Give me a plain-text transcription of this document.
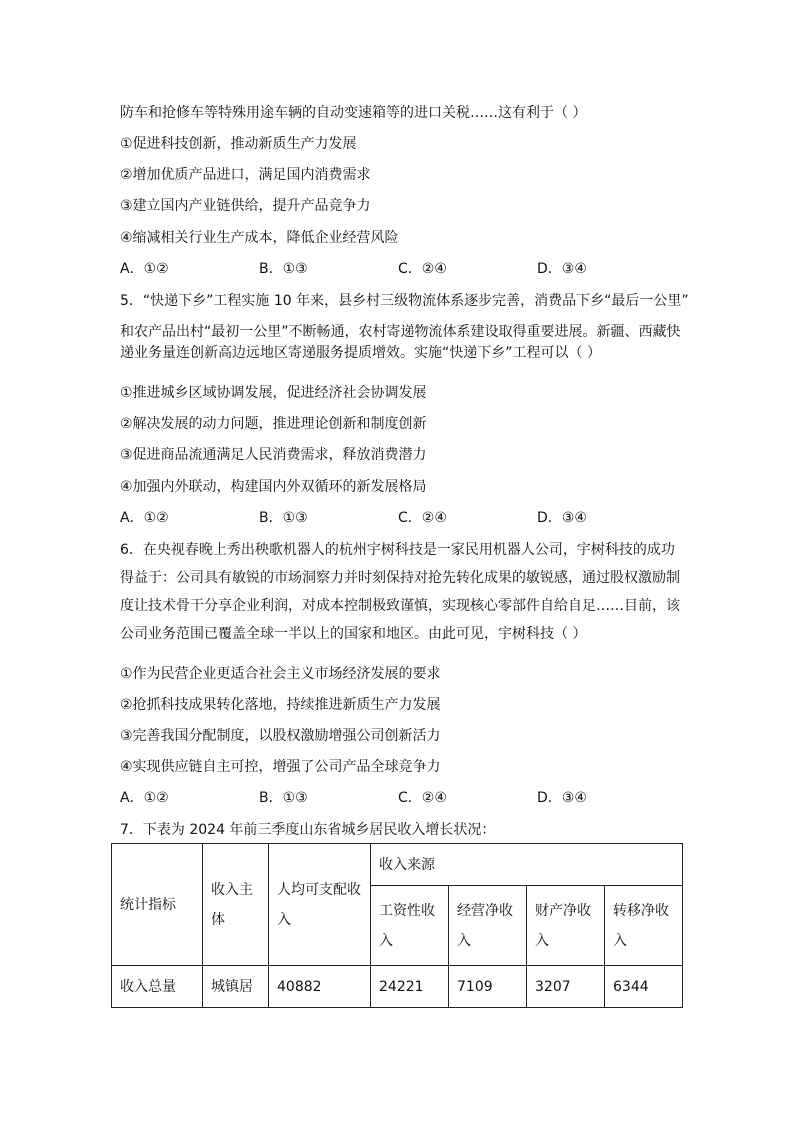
防车和抢修车等特殊用途车辆的自动变速箱等的进口关税……这有利于（ ）
①促进科技创新，推动新质生产力发展
②增加优质产品进口，满足国内消费需求
③建立国内产业链供给，提升产品竞争力
④缩减相关行业生产成本，降低企业经营风险
A．①②	B．①③	C．②④	D．③④
5．“快递下乡”工程实施 10 年来，县乡村三级物流体系逐步完善，消费品下乡“最后一公里”
和农产品出村“最初一公里”不断畅通，农村寄递物流体系建设取得重要进展。新疆、西藏快
递业务量连创新高边远地区寄递服务提质增效。实施“快递下乡”工程可以（ ）
①推进城乡区域协调发展，促进经济社会协调发展
②解决发展的动力问题，推进理论创新和制度创新
③促进商品流通满足人民消费需求，释放消费潜力
④加强内外联动，构建国内外双循环的新发展格局
A．①②	B．①③	C．②④	D．③④
6．在央视春晚上秀出秧歌机器人的杭州宇树科技是一家民用机器人公司，宇树科技的成功
得益于：公司具有敏锐的市场洞察力并时刻保持对抢先转化成果的敏锐感，通过股权激励制
度让技术骨干分享企业利润，对成本控制极致谨慎，实现核心零部件自给自足……目前，该
公司业务范围已覆盖全球一半以上的国家和地区。由此可见，宇树科技（ ）
①作为民营企业更适合社会主义市场经济发展的要求
②抢抓科技成果转化落地，持续推进新质生产力发展
③完善我国分配制度，以股权激励增强公司创新活力
④实现供应链自主可控，增强了公司产品全球竞争力
A．①②	B．①③	C．②④	D．③④
7．下表为 2024 年前三季度山东省城乡居民收入增长状况：
统计指标	收入主体	人均可支配收入	收入来源			
			工资性收入	经营净收入	财产净收入	转移净收入
收入总量	城镇居	40882	24221	7109	3207	6344
